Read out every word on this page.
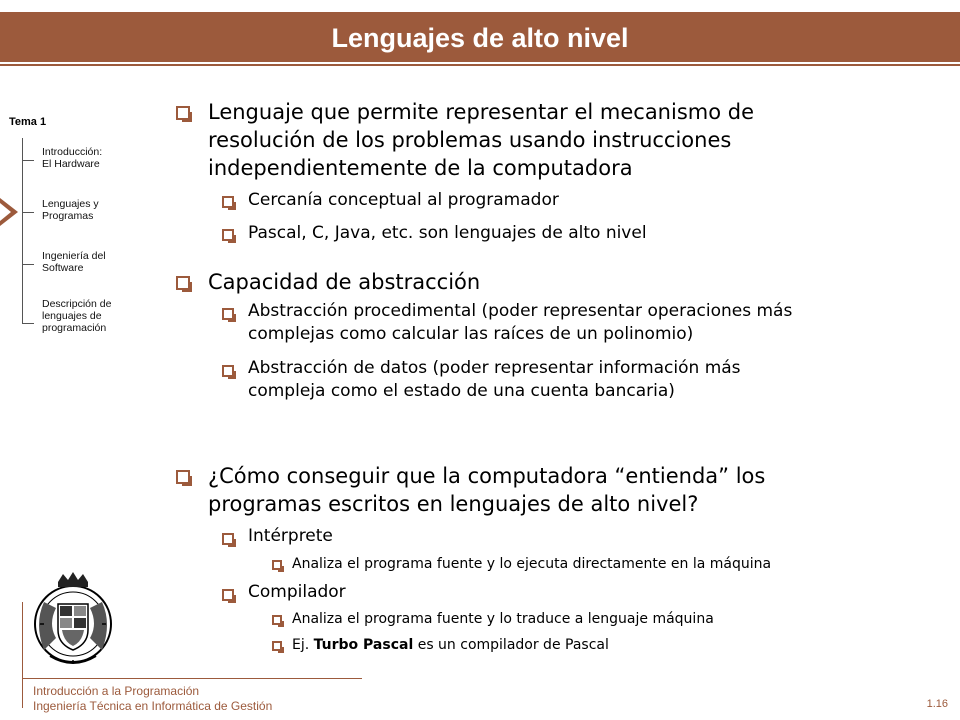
Lenguajes de alto nivel
Tema 1
Introducción:
El Hardware
Lenguajes y
Programas
Ingeniería del
Software
Descripción de
lenguajes de
programación
Lenguaje que permite representar el mecanismo de
resolución de los problemas usando instrucciones
independientemente de la computadora
Cercanía conceptual al programador
Pascal, C, Java, etc. son lenguajes de alto nivel
Capacidad de abstracción
Abstracción procedimental (poder representar operaciones más
complejas como calcular las raíces de un polinomio)
Abstracción de datos (poder representar información más
compleja como el estado de una cuenta bancaria)
¿Cómo conseguir que la computadora “entienda” los
programas escritos en lenguajes de alto nivel?
Intérprete
Analiza el programa fuente y lo ejecuta directamente en la máquina
Compilador
Analiza el programa fuente y lo traduce a lenguaje máquina
Ej. Turbo Pascal es un compilador de Pascal
Introducción a la Programación
Ingeniería Técnica en Informática de Gestión	1.16
